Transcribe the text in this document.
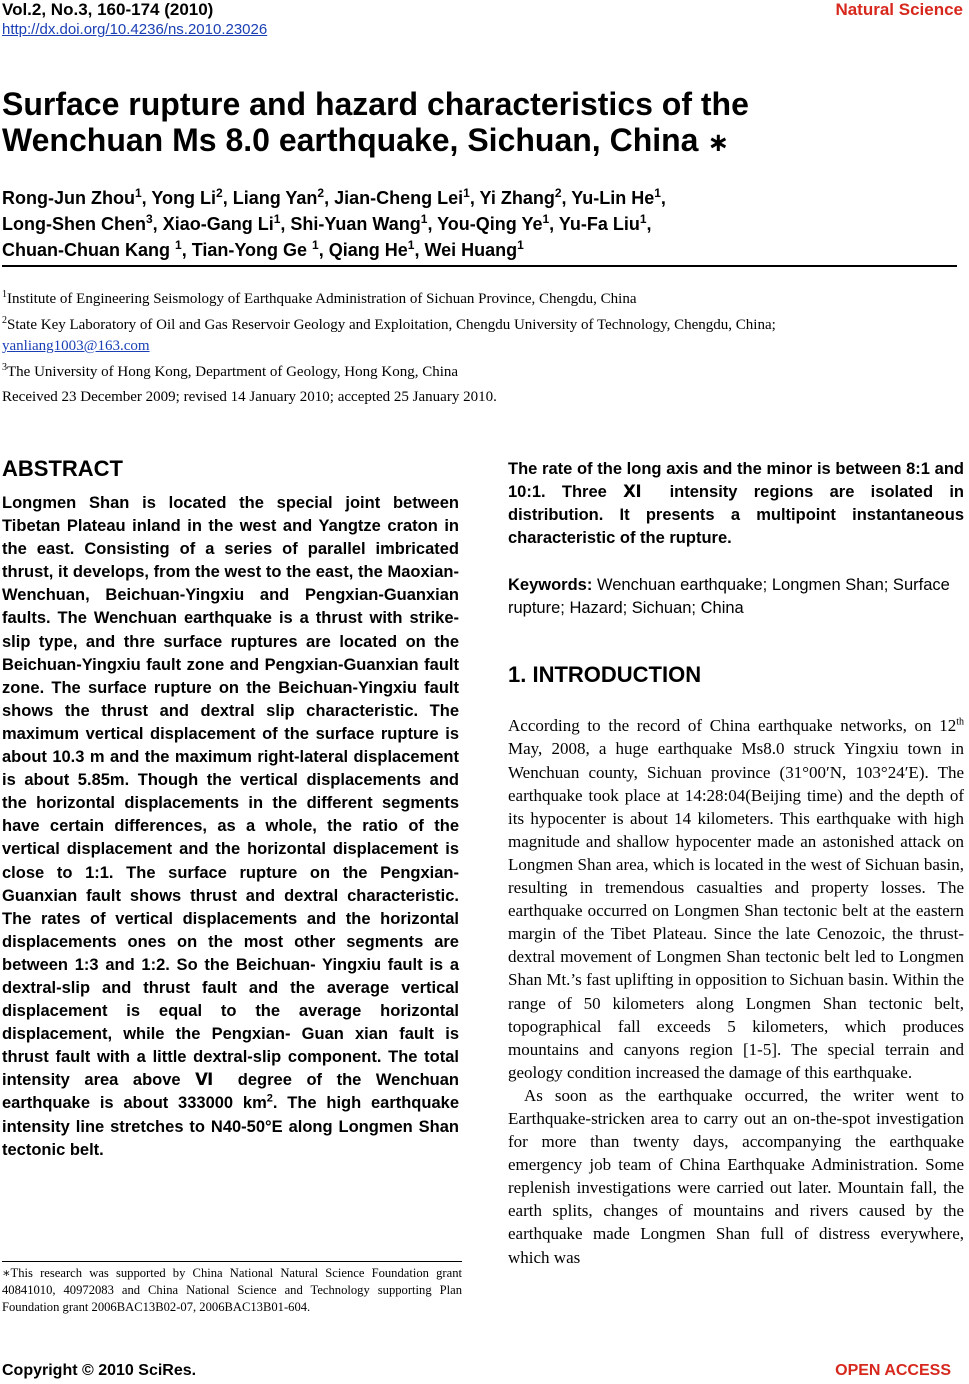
Vol.2, No.3, 160-174 (2010)
http://dx.doi.org/10.4236/ns.2010.23026
Natural Science
Surface rupture and hazard characteristics of the
Wenchuan Ms 8.0 earthquake, Sichuan, China ∗
Rong-Jun Zhou$^1$, Yong Li$^2$, Liang Yan$^2$, Jian-Cheng Lei$^1$, Yi Zhang$^2$, Yu-Lin He$^1$,
Long-Shen Chen$^3$, Xiao-Gang Li$^1$, Shi-Yuan Wang$^1$, You-Qing Ye$^1$, Yu-Fa Liu$^1$,
Chuan-Chuan Kang $^1$, Tian-Yong Ge $^1$, Qiang He$^1$, Wei Huang$^1$
$^1$Institute of Engineering Seismology of Earthquake Administration of Sichuan Province, Chengdu, China
$^2$State Key Laboratory of Oil and Gas Reservoir Geology and Exploitation, Chengdu University of Technology, Chengdu, China;
yanliang1003@163.com
$^3$The University of Hong Kong, Department of Geology, Hong Kong, China
Received 23 December 2009; revised 14 January 2010; accepted 25 January 2010.
ABSTRACT

Longmen Shan is located the special joint between Tibetan Plateau inland in the west and Yangtze craton in the east. Consisting of a series of parallel imbricated thrust, it develops, from the west to the east, the Maoxian-Wenchuan, Beichuan-Yingxiu and Pengxian-Guanxian faults. The Wenchuan earthquake is a thrust with strike-slip type, and thre surface ruptures are located on the Beichuan-Yingxiu fault zone and Pengxian-Guanxian fault zone. The surface rupture on the Beichuan-Yingxiu fault shows the thrust and dextral slip characteristic. The maximum vertical displacement of the surface rupture is about 10.3 m and the maximum right-lateral displacement is about 5.85m. Though the vertical displacements and the horizontal displacements in the different segments have certain differences, as a whole, the ratio of the vertical displacement and the horizontal displacement is close to 1:1. The surface rupture on the Pengxian-Guanxian fault shows thrust and dextral characteristic. The rates of vertical displacements and the horizontal displacements ones on the most other segments are between 1:3 and 1:2. So the Beichuan- Yingxiu fault is a dextral-slip and thrust fault and the average vertical displacement is equal to the average horizontal displacement, while the Pengxian- Guan xian fault is thrust fault with a little dextral-slip component. The total intensity area above Ⅵ degree of the Wenchuan earthquake is about 333000 $km^2$. The high earthquake intensity line stretches to N40-50°E along Longmen Shan tectonic belt.

∗This research was supported by China National Natural Science Foundation grant 40841010, 40972083 and China National Science and Technology supporting Plan Foundation grant 2006BAC13B02-07, 2006BAC13B01-604.

The rate of the long axis and the minor is between 8:1 and 10:1. Three Ⅺ intensity regions are isolated in distribution. It presents a multipoint instantaneous characteristic of the rupture.

Keywords: Wenchuan earthquake; Longmen Shan; Surface rupture; Hazard; Sichuan; China

1. INTRODUCTION

According to the record of China earthquake networks, on 12th May, 2008, a huge earthquake Ms8.0 struck Yingxiu town in Wenchuan county, Sichuan province (31°00′N, 103°24′E). The earthquake took place at 14:28:04(Beijing time) and the depth of its hypocenter is about 14 kilometers. This earthquake with high magnitude and shallow hypocenter made an astonished attack on Longmen Shan area, which is located in the west of Sichuan basin, resulting in tremendous casualties and property losses. The earthquake occurred on Longmen Shan tectonic belt at the eastern margin of the Tibet Plateau. Since the late Cenozoic, the thrust-dextral movement of Longmen Shan tectonic belt led to Longmen Shan Mt.’s fast uplifting in opposition to Sichuan basin. Within the range of 50 kilometers along Longmen Shan tectonic belt, topographical fall exceeds 5 kilometers, which produces mountains and canyons region [1-5]. The special terrain and geology condition increased the damage of this earthquake.

As soon as the earthquake occurred, the writer went to Earthquake-stricken area to carry out an on-the-spot investigation for more than twenty days, accompanying the earthquake emergency job team of China Earthquake Administration. Some replenish investigations were carried out later. Mountain fall, the earth splits, changes of mountains and rivers caused by the earthquake made Longmen Shan full of distress everywhere, which was

Copyright © 2010 SciRes.	OPEN ACCESS
